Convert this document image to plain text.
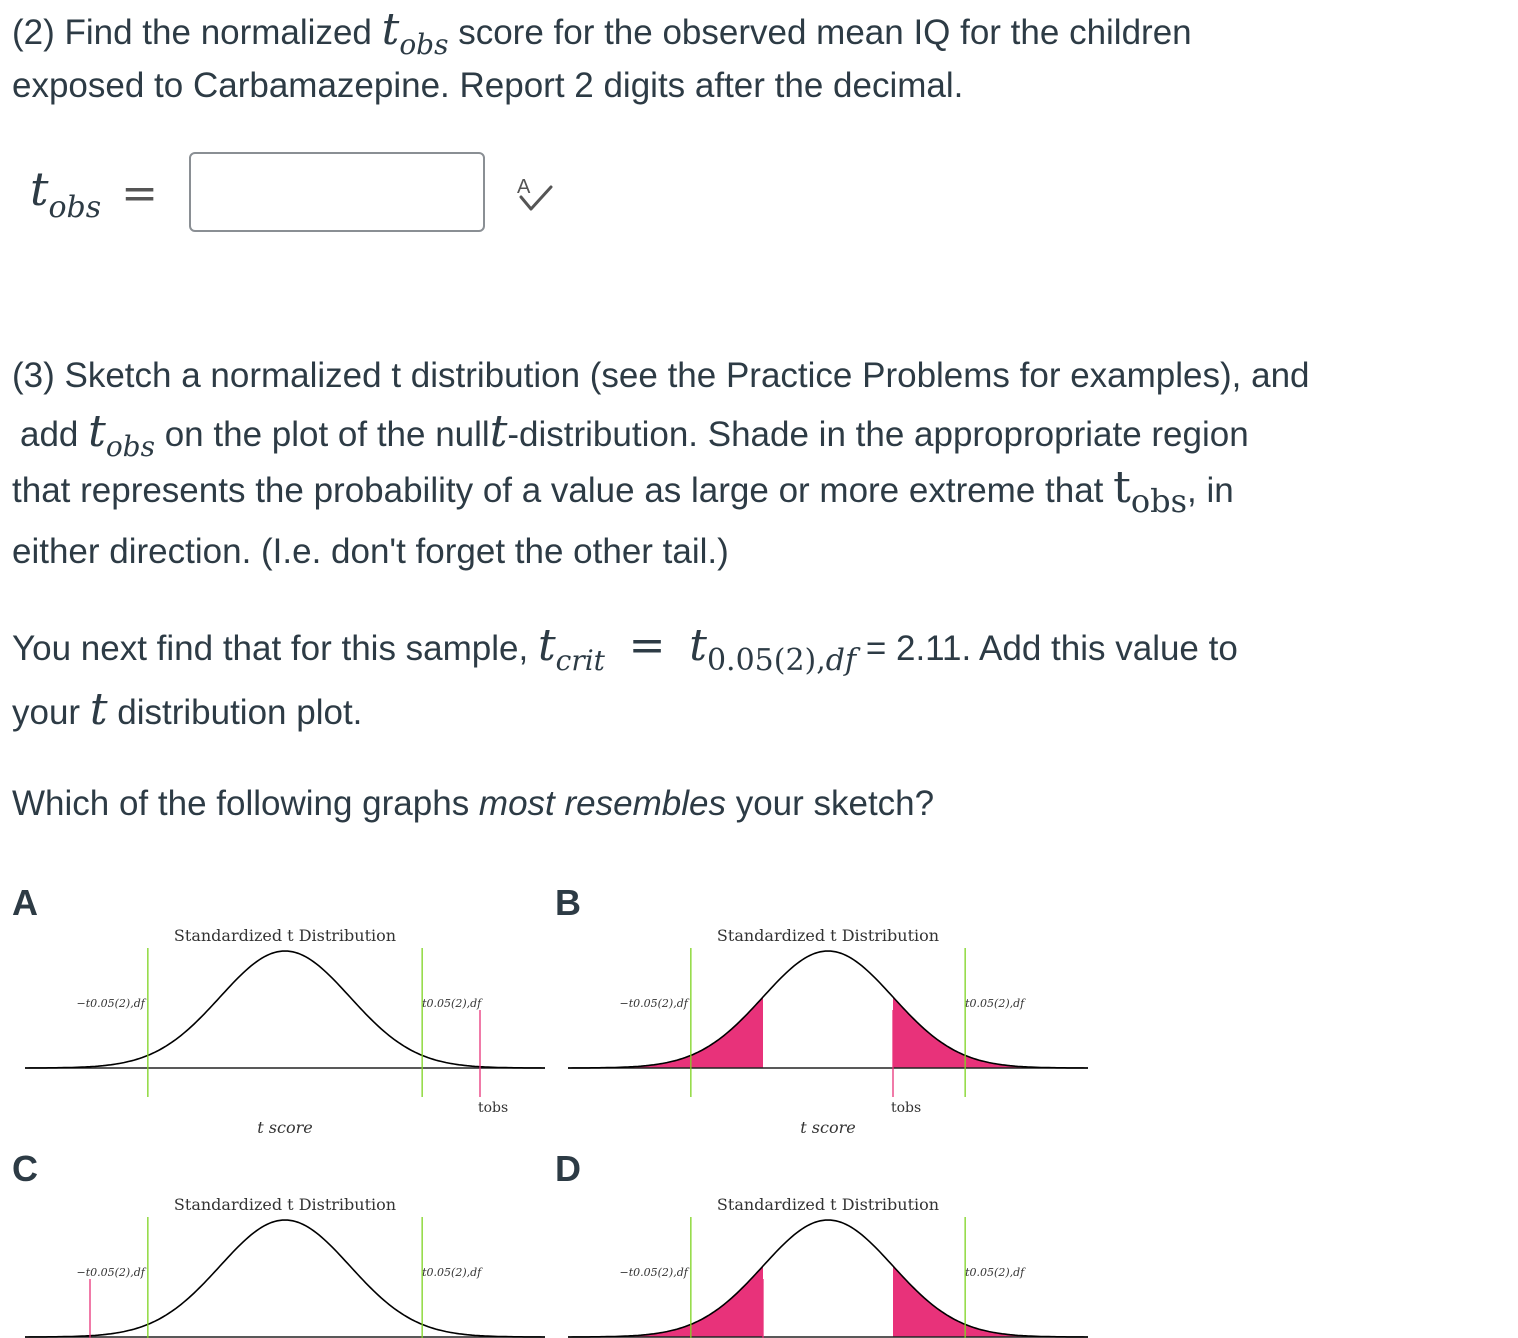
(2) Find the normalized $t_{obs}$ score for the observed mean IQ for the children

exposed to Carbamazepine. Report 2 digits after the decimal.

$t_{obs}$ =	A

(3) Sketch a normalized t distribution (see the Practice Problems for examples), and

add $t_{obs}$ on the plot of the nullt-distribution. Shade in the appropropriate region

that represents the probability of a value as large or more extreme that $t_{obs}$, in

either direction. (I.e. don't forget the other tail.)

You next find that for this sample, $t_{crit} = t_{0.05(2),df} = 2.11$. Add this value to

your t distribution plot.

Which of the following graphs most resembles your sketch?

A	B
C	D
Standardized t Distribution
−t0.05(2),df	t0.05(2),df
tobs
t score
Standardized t Distribution
−t0.05(2),df	t0.05(2),df
tobs
t score
Standardized t Distribution
−t0.05(2),df	t0.05(2),df
Standardized t Distribution
−t0.05(2),df	t0.05(2),df
